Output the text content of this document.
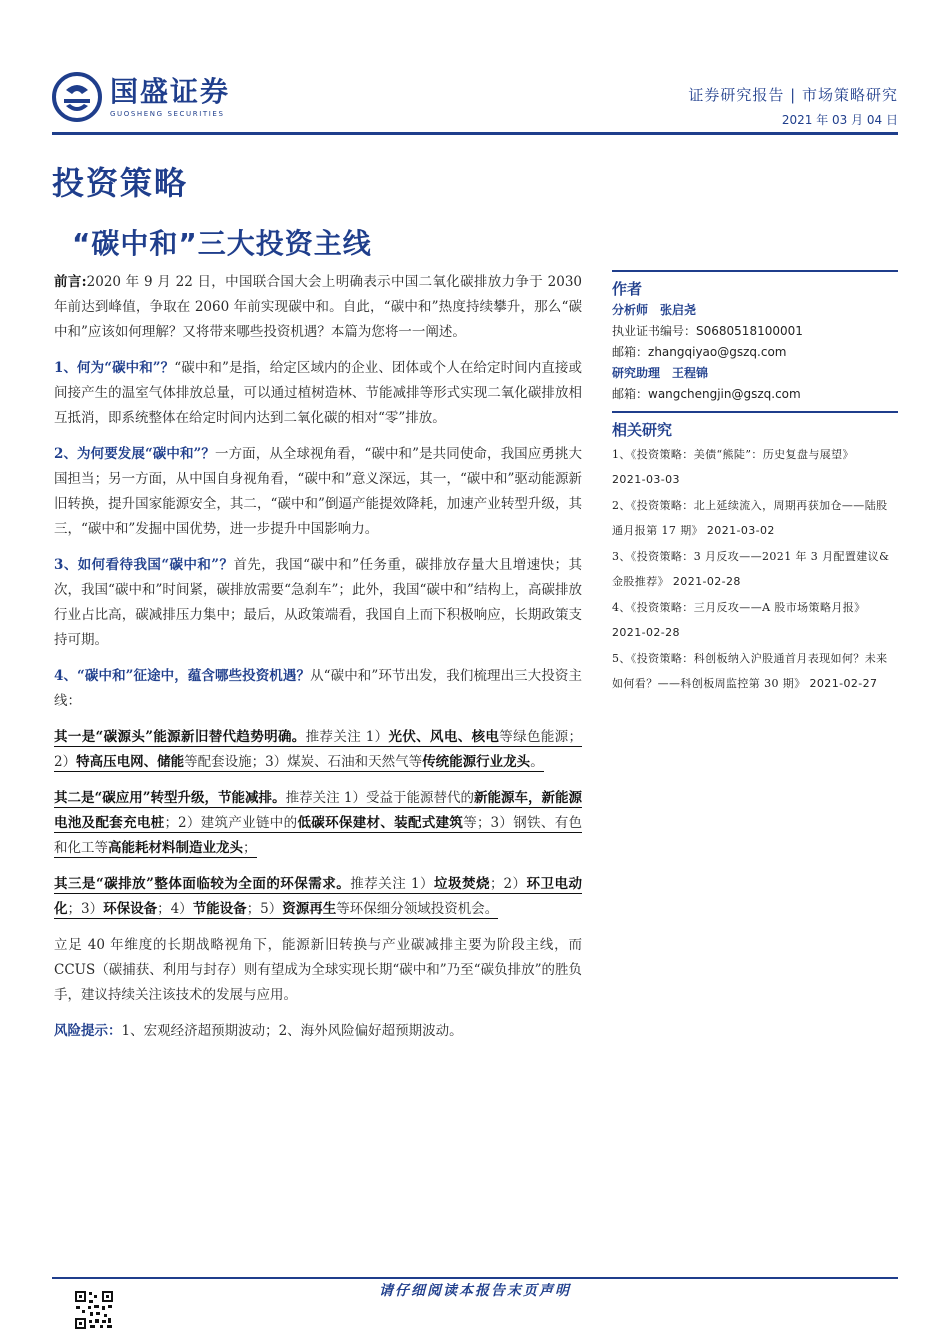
国盛证券
GUOSHENG SECURITIES
证券研究报告 | 市场策略研究
2021 年 03 月 04 日
投资策略
“碳中和”三大投资主线

前言:2020 年 9 月 22 日，中国联合国大会上明确表示中国二氧化碳排放力争于 2030 年前达到峰值，争取在 2060 年前实现碳中和。自此，“碳中和”热度持续攀升，那么“碳中和”应该如何理解？又将带来哪些投资机遇？本篇为您将一一阐述。

1、何为“碳中和”？“碳中和”是指，给定区域内的企业、团体或个人在给定时间内直接或间接产生的温室气体排放总量，可以通过植树造林、节能减排等形式实现二氧化碳排放相互抵消，即系统整体在给定时间内达到二氧化碳的相对“零”排放。

2、为何要发展“碳中和”？一方面，从全球视角看，“碳中和”是共同使命，我国应勇挑大国担当；另一方面，从中国自身视角看，“碳中和”意义深远，其一，“碳中和”驱动能源新旧转换，提升国家能源安全，其二，“碳中和”倒逼产能提效降耗，加速产业转型升级，其三，“碳中和”发掘中国优势，进一步提升中国影响力。

3、如何看待我国“碳中和”？首先，我国“碳中和”任务重，碳排放存量大且增速快；其次，我国“碳中和”时间紧，碳排放需要“急刹车”；此外，我国“碳中和”结构上，高碳排放行业占比高，碳减排压力集中；最后，从政策端看，我国自上而下积极响应，长期政策支持可期。

4、“碳中和”征途中，蕴含哪些投资机遇？从“碳中和”环节出发，我们梳理出三大投资主线：

其一是“碳源头”能源新旧替代趋势明确。推荐关注 1）光伏、风电、核电等绿色能源；2）特高压电网、储能等配套设施；3）煤炭、石油和天然气等传统能源行业龙头。
其二是“碳应用”转型升级，节能减排。推荐关注 1）受益于能源替代的新能源车，新能源电池及配套充电桩；2）建筑产业链中的低碳环保建材、装配式建筑等；3）钢铁、有色和化工等高能耗材料制造业龙头；
其三是“碳排放”整体面临较为全面的环保需求。推荐关注 1）垃圾焚烧；2）环卫电动化；3）环保设备；4）节能设备；5）资源再生等环保细分领域投资机会。

立足 40 年维度的长期战略视角下，能源新旧转换与产业碳减排主要为阶段主线，而 CCUS（碳捕获、利用与封存）则有望成为全球实现长期“碳中和”乃至“碳负排放”的胜负手，建议持续关注该技术的发展与应用。

风险提示：1、宏观经济超预期波动；2、海外风险偏好超预期波动。

作者
分析师 张启尧
执业证书编号：S0680518100001
邮箱：zhangqiyao@gszq.com
研究助理 王程锦
邮箱：wangchengjin@gszq.com
相关研究
1、《投资策略：美债“熊陡”：历史复盘与展望》
2021-03-03
2、《投资策略：北上延续流入，周期再获加仓——陆股通月报第 17 期》 2021-03-02
3、《投资策略：3 月反攻——2021 年 3 月配置建议&金股推荐》 2021-02-28
4、《投资策略：三月反攻——A 股市场策略月报》
2021-02-28
5、《投资策略：科创板纳入沪股通首月表现如何？未来如何看？——科创板周监控第 30 期》 2021-02-27
请仔细阅读本报告末页声明
